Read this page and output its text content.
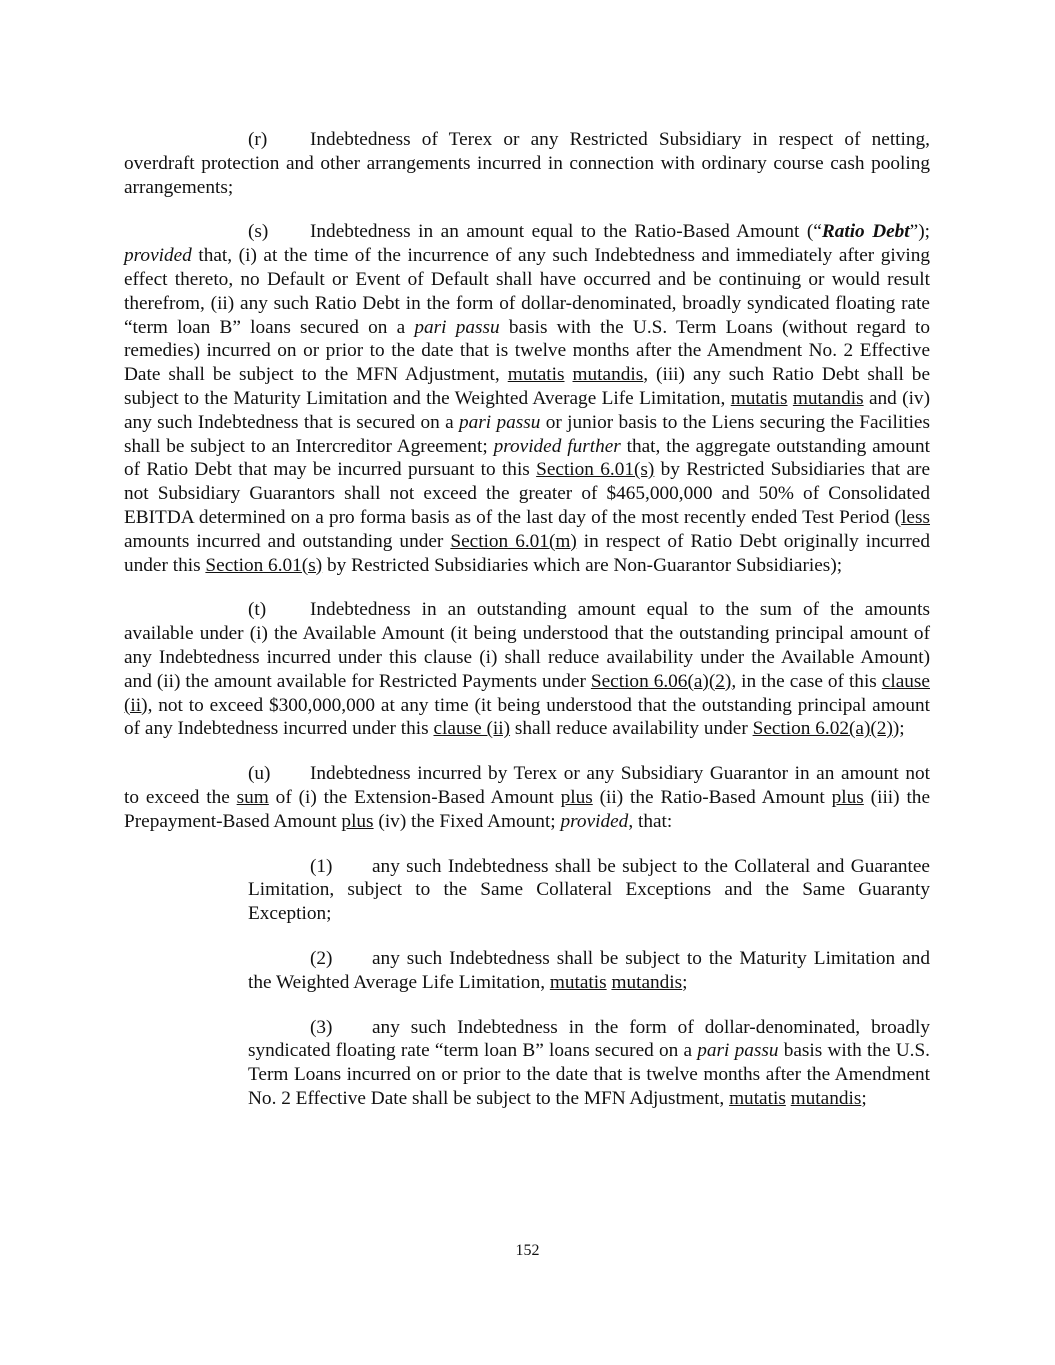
(r) Indebtedness of Terex or any Restricted Subsidiary in respect of netting, overdraft protection and other arrangements incurred in connection with ordinary course cash pooling arrangements;

(s) Indebtedness in an amount equal to the Ratio-Based Amount (“Ratio Debt”); provided that, (i) at the time of the incurrence of any such Indebtedness and immediately after giving effect thereto, no Default or Event of Default shall have occurred and be continuing or would result therefrom, (ii) any such Ratio Debt in the form of dollar-denominated, broadly syndicated floating rate “term loan B” loans secured on a pari passu basis with the U.S. Term Loans (without regard to remedies) incurred on or prior to the date that is twelve months after the Amendment No. 2 Effective Date shall be subject to the MFN Adjustment, mutatis mutandis, (iii) any such Ratio Debt shall be subject to the Maturity Limitation and the Weighted Average Life Limitation, mutatis mutandis and (iv) any such Indebtedness that is secured on a pari passu or junior basis to the Liens securing the Facilities shall be subject to an Intercreditor Agreement; provided further that, the aggregate outstanding amount of Ratio Debt that may be incurred pursuant to this Section 6.01(s) by Restricted Subsidiaries that are not Subsidiary Guarantors shall not exceed the greater of $465,000,000 and 50% of Consolidated EBITDA determined on a pro forma basis as of the last day of the most recently ended Test Period (less amounts incurred and outstanding under Section 6.01(m) in respect of Ratio Debt originally incurred under this Section 6.01(s) by Restricted Subsidiaries which are Non-Guarantor Subsidiaries);

(t) Indebtedness in an outstanding amount equal to the sum of the amounts available under (i) the Available Amount (it being understood that the outstanding principal amount of any Indebtedness incurred under this clause (i) shall reduce availability under the Available Amount) and (ii) the amount available for Restricted Payments under Section 6.06(a)(2), in the case of this clause (ii), not to exceed $300,000,000 at any time (it being understood that the outstanding principal amount of any Indebtedness incurred under this clause (ii) shall reduce availability under Section 6.02(a)(2));

(u) Indebtedness incurred by Terex or any Subsidiary Guarantor in an amount not to exceed the sum of (i) the Extension-Based Amount plus (ii) the Ratio-Based Amount plus (iii) the Prepayment-Based Amount plus (iv) the Fixed Amount; provided, that:

(1) any such Indebtedness shall be subject to the Collateral and Guarantee Limitation, subject to the Same Collateral Exceptions and the Same Guaranty Exception;

(2) any such Indebtedness shall be subject to the Maturity Limitation and the Weighted Average Life Limitation, mutatis mutandis;

(3) any such Indebtedness in the form of dollar-denominated, broadly syndicated floating rate “term loan B” loans secured on a pari passu basis with the U.S. Term Loans incurred on or prior to the date that is twelve months after the Amendment No. 2 Effective Date shall be subject to the MFN Adjustment, mutatis mutandis;

152
